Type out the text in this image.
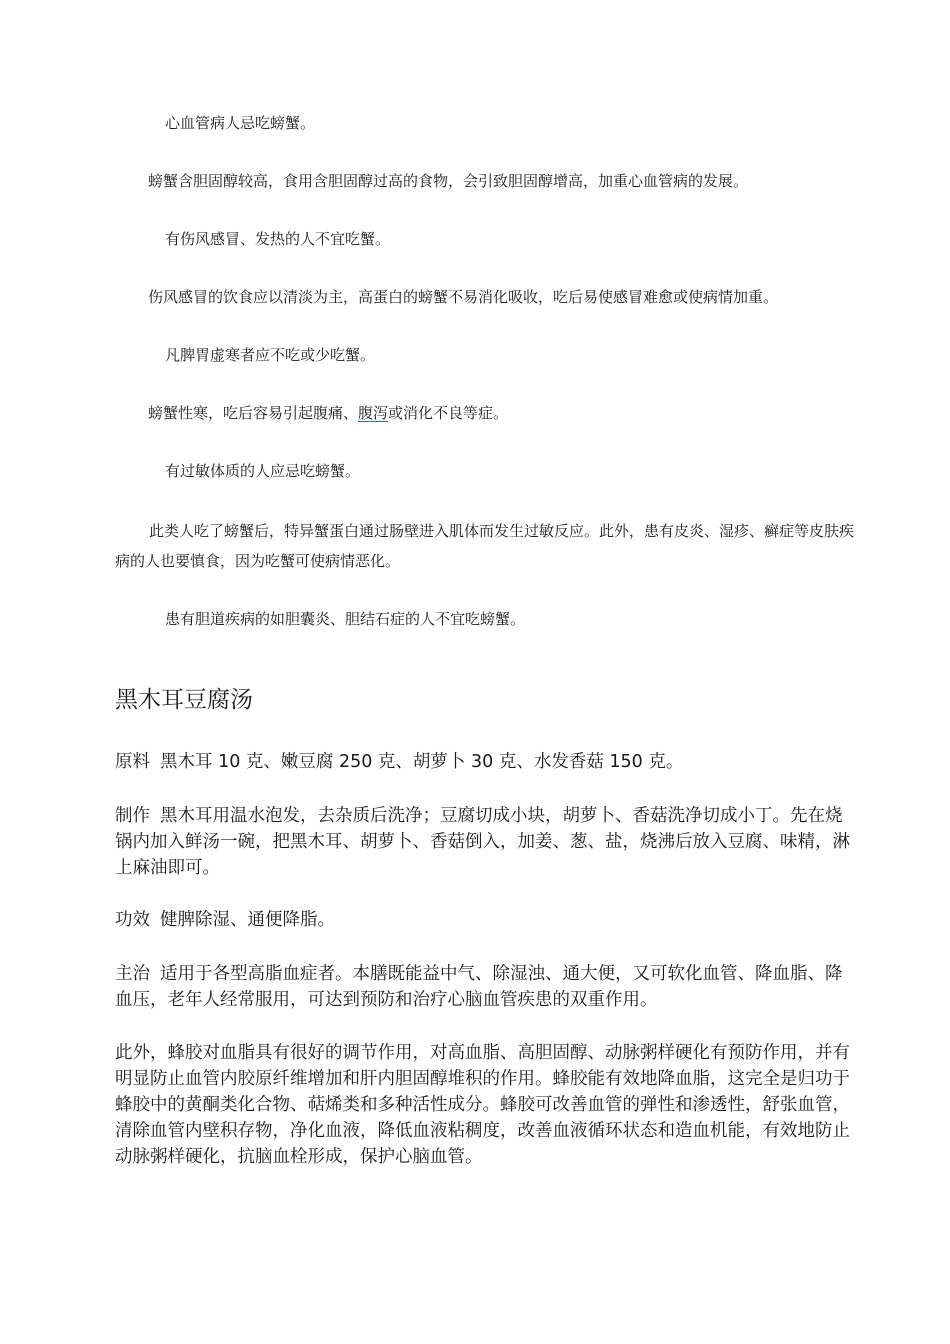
心血管病人忌吃螃蟹。
螃蟹含胆固醇较高，食用含胆固醇过高的食物，会引致胆固醇增高，加重心血管病的发展。
有伤风感冒、发热的人不宜吃蟹。
伤风感冒的饮食应以清淡为主，高蛋白的螃蟹不易消化吸收，吃后易使感冒难愈或使病情加重。
凡脾胃虚寒者应不吃或少吃蟹。
螃蟹性寒，吃后容易引起腹痛、腹泻或消化不良等症。
有过敏体质的人应忌吃螃蟹。
此类人吃了螃蟹后，特异蟹蛋白通过肠壁进入肌体而发生过敏反应。此外，患有皮炎、湿疹、癣症等皮肤疾病的人也要慎食，因为吃蟹可使病情恶化。
患有胆道疾病的如胆囊炎、胆结石症的人不宜吃螃蟹。
黑木耳豆腐汤
原料 黑木耳 10 克、嫩豆腐 250 克、胡萝卜 30 克、水发香菇 150 克。
制作 黑木耳用温水泡发，去杂质后洗净；豆腐切成小块，胡萝卜、香菇洗净切成小丁。先在烧锅内加入鲜汤一碗，把黑木耳、胡萝卜、香菇倒入，加姜、葱、盐，烧沸后放入豆腐、味精，淋上麻油即可。
功效 健脾除湿、通便降脂。
主治 适用于各型高脂血症者。本膳既能益中气、除湿浊、通大便，又可软化血管、降血脂、降血压，老年人经常服用，可达到预防和治疗心脑血管疾患的双重作用。
此外，蜂胶对血脂具有很好的调节作用，对高血脂、高胆固醇、动脉粥样硬化有预防作用，并有明显防止血管内胶原纤维增加和肝内胆固醇堆积的作用。蜂胶能有效地降血脂，这完全是归功于蜂胶中的黄酮类化合物、萜烯类和多种活性成分。蜂胶可改善血管的弹性和渗透性，舒张血管，清除血管内壁积存物，净化血液，降低血液粘稠度，改善血液循环状态和造血机能，有效地防止动脉粥样硬化，抗脑血栓形成，保护心脑血管。
